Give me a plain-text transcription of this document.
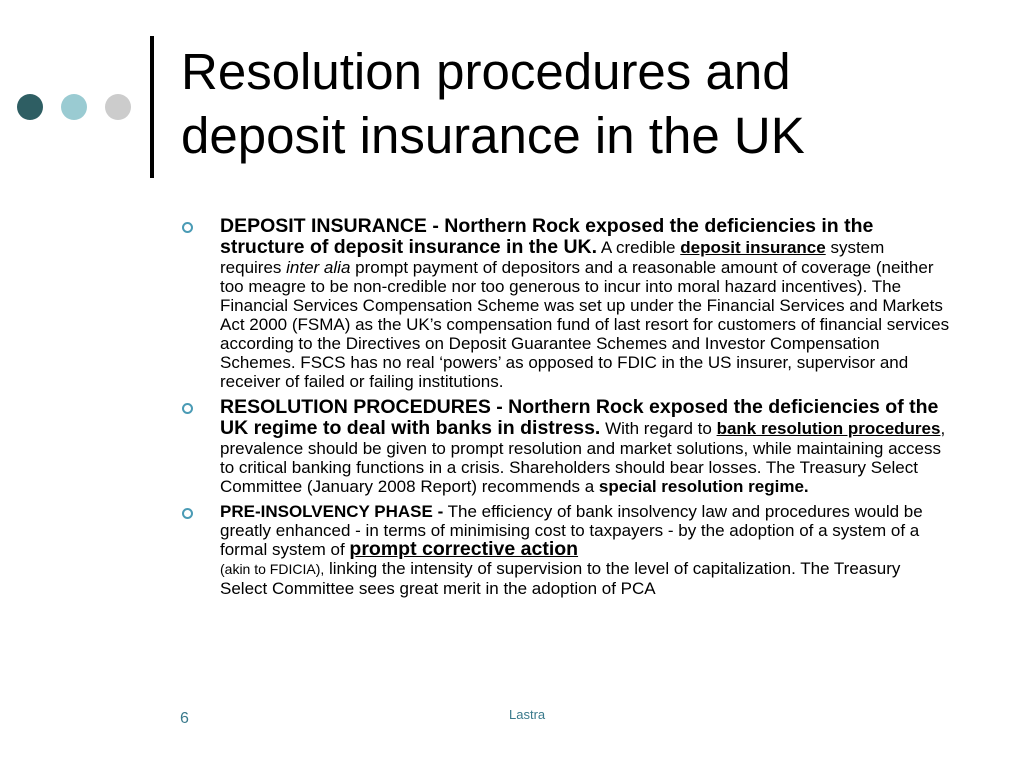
Resolution procedures and
deposit insurance in the UK
DEPOSIT INSURANCE - Northern Rock exposed the deficiencies in the structure of deposit insurance in the UK. A credible deposit insurance system requires inter alia prompt payment of depositors and a reasonable amount of coverage (neither too meagre to be non-credible nor too generous to incur into moral hazard incentives). The Financial Services Compensation Scheme was set up under the Financial Services and Markets Act 2000 (FSMA) as the UK’s compensation fund of last resort for customers of financial services according to the Directives on Deposit Guarantee Schemes and Investor Compensation Schemes. FSCS has no real ‘powers’ as opposed to FDIC in the US insurer, supervisor and receiver of failed or failing institutions.
RESOLUTION PROCEDURES - Northern Rock exposed the deficiencies of the UK regime to deal with banks in distress. With regard to bank resolution procedures, prevalence should be given to prompt resolution and market solutions, while maintaining access to critical banking functions in a crisis. Shareholders should bear losses. The Treasury Select Committee (January 2008 Report) recommends a special resolution regime.
PRE-INSOLVENCY PHASE - The efficiency of bank insolvency law and procedures would be greatly enhanced - in terms of minimising cost to taxpayers - by the adoption of a system of a formal system of prompt corrective action
(akin to FDICIA), linking the intensity of supervision to the level of capitalization. The Treasury Select Committee sees great merit in the adoption of PCA
6	Lastra
